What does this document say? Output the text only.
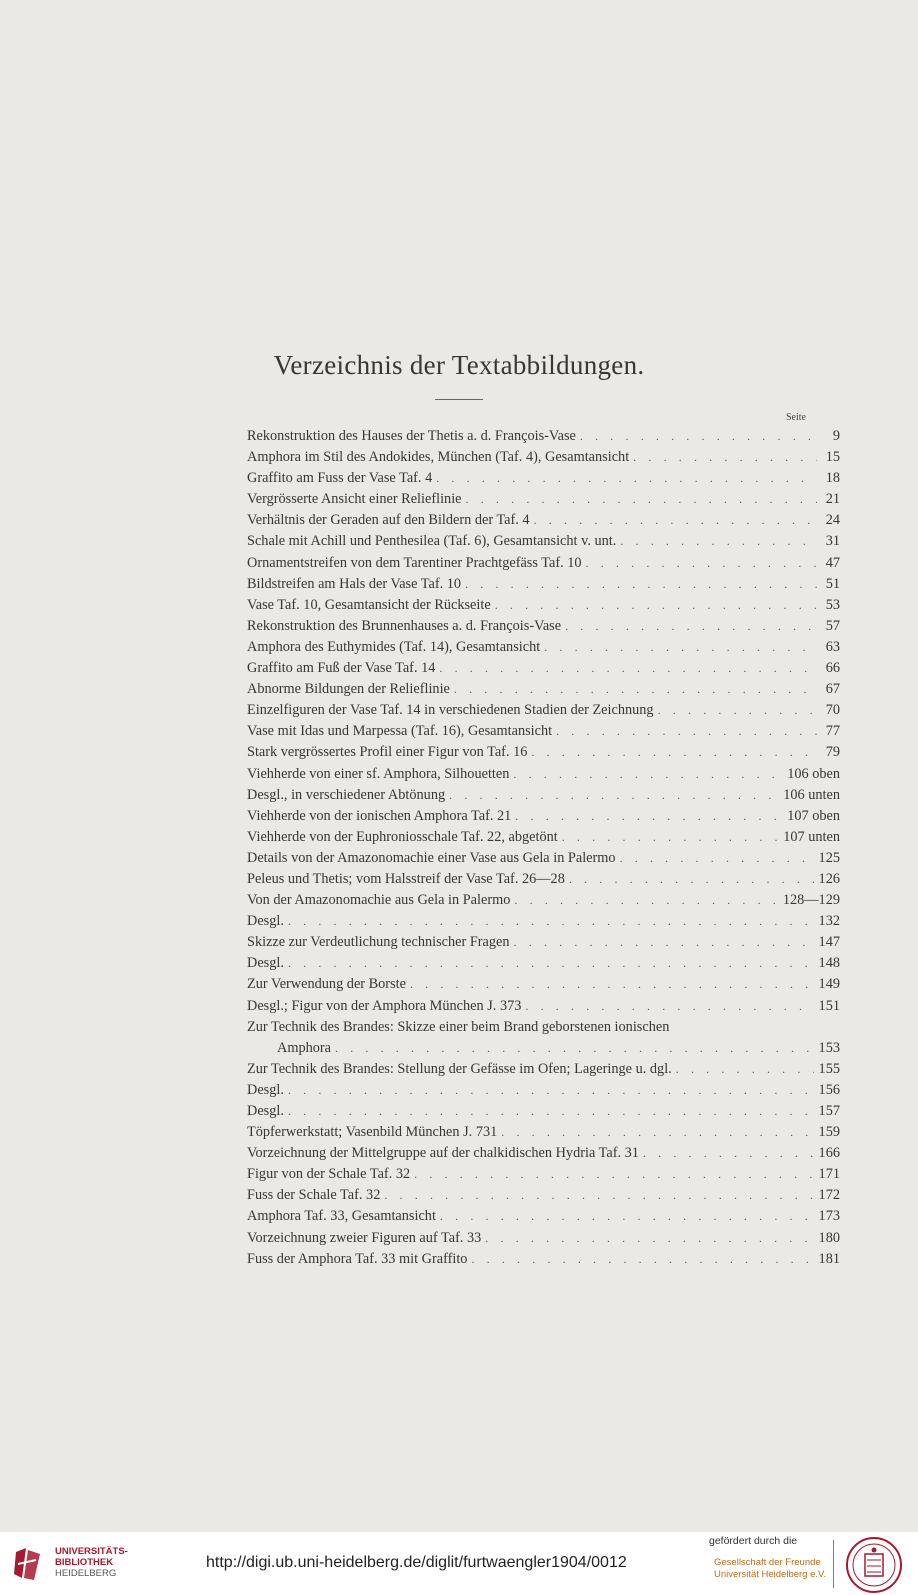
Verzeichnis der Textabbildungen.
Seite
Rekonstruktion des Hauses der Thetis a. d. François-Vase . . .	9
Amphora im Stil des Andokides, München (Taf. 4), Gesamtansicht . . .	15
Graffito am Fuss der Vase Taf. 4 . . .	18
Vergrösserte Ansicht einer Relieflinie . . .	21
Verhältnis der Geraden auf den Bildern der Taf. 4 . . .	24
Schale mit Achill und Penthesilea (Taf. 6), Gesamtansicht v. unt. . . .	31
Ornamentstreifen von dem Tarentiner Prachtgefäss Taf. 10 . . .	47
Bildstreifen am Hals der Vase Taf. 10 . . .	51
Vase Taf. 10, Gesamtansicht der Rückseite . . .	53
Rekonstruktion des Brunnenhauses a. d. François-Vase . . .	57
Amphora des Euthymides (Taf. 14), Gesamtansicht . . .	63
Graffito am Fuß der Vase Taf. 14 . . .	66
Abnorme Bildungen der Relieflinie . . .	67
Einzelfiguren der Vase Taf. 14 in verschiedenen Stadien der Zeichnung . . .	70
Vase mit Idas und Marpessa (Taf. 16), Gesamtansicht . . .	77
Stark vergrössertes Profil einer Figur von Taf. 16 . . .	79
Viehherde von einer sf. Amphora, Silhouetten . . .	106 oben
Desgl., in verschiedener Abtönung . . .	106 unten
Viehherde von der ionischen Amphora Taf. 21 . . .	107 oben
Viehherde von der Euphroniosschale Taf. 22, abgetönt . . .	107 unten
Details von der Amazonomachie einer Vase aus Gela in Palermo . . .	125
Peleus und Thetis; vom Halsstreif der Vase Taf. 26—28 . . .	126
Von der Amazonomachie aus Gela in Palermo . . .	128—129
Desgl. . . .	132
Skizze zur Verdeutlichung technischer Fragen . . .	147
Desgl. . . .	148
Zur Verwendung der Borste . . .	149
Desgl.; Figur von der Amphora München J. 373 . . .	151
Zur Technik des Brandes: Skizze einer beim Brand geborstenen ionischen
Amphora . . .	153
Zur Technik des Brandes: Stellung der Gefässe im Ofen; Lageringe u. dgl. . . .	155
Desgl. . . .	156
Desgl. . . .	157
Töpferwerkstatt; Vasenbild München J. 731 . . .	159
Vorzeichnung der Mittelgruppe auf der chalkidischen Hydria Taf. 31 . . .	166
Figur von der Schale Taf. 32 . . .	171
Fuss der Schale Taf. 32 . . .	172
Amphora Taf. 33, Gesamtansicht . . .	173
Vorzeichnung zweier Figuren auf Taf. 33 . . .	180
Fuss der Amphora Taf. 33 mit Graffito . . .	181
UNIVERSITÄTS-
BIBLIOTHEK
HEIDELBERG
http://digi.ub.uni-heidelberg.de/diglit/furtwaengler1904/0012
gefördert durch die
Gesellschaft der Freunde
Universität Heidelberg e.V.
